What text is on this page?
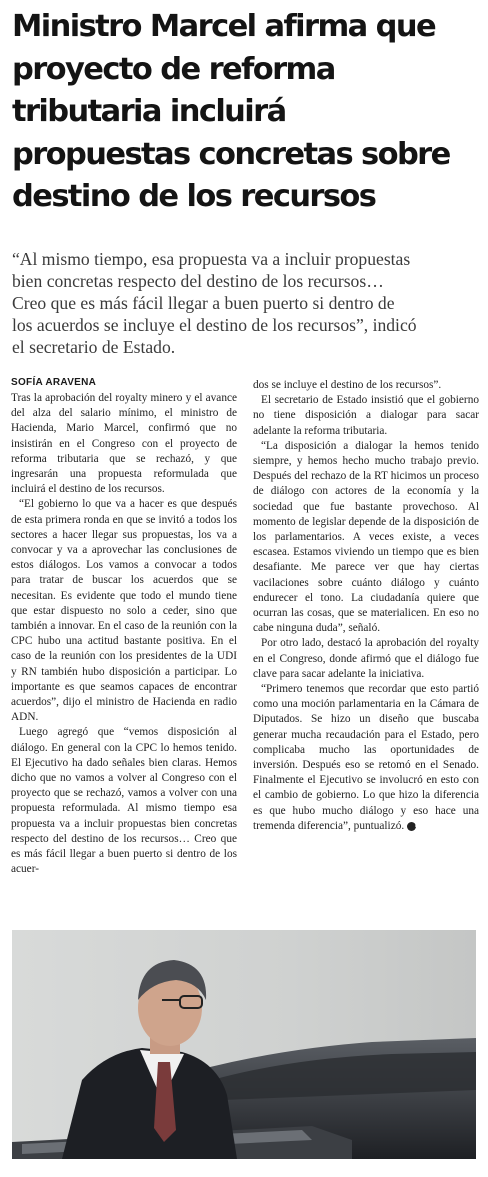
Ministro Marcel afirma que
proyecto de reforma
tributaria incluirá
propuestas concretas sobre
destino de los recursos

“Al mismo tiempo, esa propuesta va a incluir propuestas
bien concretas respecto del destino de los recursos…
Creo que es más fácil llegar a buen puerto si dentro de
los acuerdos se incluye el destino de los recursos”, indicó
el secretario de Estado.

SOFÍA ARAVENA

Tras la aprobación del royalty minero y el avance del alza del salario mínimo, el ministro de Hacienda, Mario Marcel, confirmó que no insistirán en el Congreso con el proyecto de reforma tributaria que se rechazó, y que ingresarán una propuesta reformulada que incluirá el destino de los recursos.

“El gobierno lo que va a hacer es que después de esta primera ronda en que se invitó a todos los sectores a hacer llegar sus propuestas, los va a convocar y va a aprovechar las conclusiones de estos diálogos. Los vamos a convocar a todos para tratar de buscar los acuerdos que se necesitan. Es evidente que todo el mundo tiene que estar dispuesto no solo a ceder, sino que también a innovar. En el caso de la reunión con la CPC hubo una actitud bastante positiva. En el caso de la reunión con los presidentes de la UDI y RN también hubo disposición a participar. Lo importante es que seamos capaces de encontrar acuerdos”, dijo el ministro de Hacienda en radio ADN.

Luego agregó que “vemos disposición al diálogo. En general con la CPC lo hemos tenido. El Ejecutivo ha dado señales bien claras. Hemos dicho que no vamos a volver al Congreso con el proyecto que se rechazó, vamos a volver con una propuesta reformulada. Al mismo tiempo esa propuesta va a incluir propuestas bien concretas respecto del destino de los recursos… Creo que es más fácil llegar a buen puerto si dentro de los acuer-

dos se incluye el destino de los recursos”.

El secretario de Estado insistió que el gobierno no tiene disposición a dialogar para sacar adelante la reforma tributaria.

“La disposición a dialogar la hemos tenido siempre, y hemos hecho mucho trabajo previo. Después del rechazo de la RT hicimos un proceso de diálogo con actores de la economía y la sociedad que fue bastante provechoso. Al momento de legislar depende de la disposición de los parlamentarios. A veces existe, a veces escasea. Estamos viviendo un tiempo que es bien desafiante. Me parece ver que hay ciertas vacilaciones sobre cuánto diálogo y cuánto endurecer el tono. La ciudadanía quiere que ocurran las cosas, que se materialicen. En eso no cabe ninguna duda”, señaló.

Por otro lado, destacó la aprobación del royalty en el Congreso, donde afirmó que el diálogo fue clave para sacar adelante la iniciativa.

“Primero tenemos que recordar que esto partió como una moción parlamentaria en la Cámara de Diputados. Se hizo un diseño que buscaba generar mucha recaudación para el Estado, pero complicaba mucho las oportunidades de inversión. Después eso se retomó en el Senado. Finalmente el Ejecutivo se involucró en esto con el cambio de gobierno. Lo que hizo la diferencia es que hubo mucho diálogo y eso hace una tremenda diferencia”, puntualizó. P
